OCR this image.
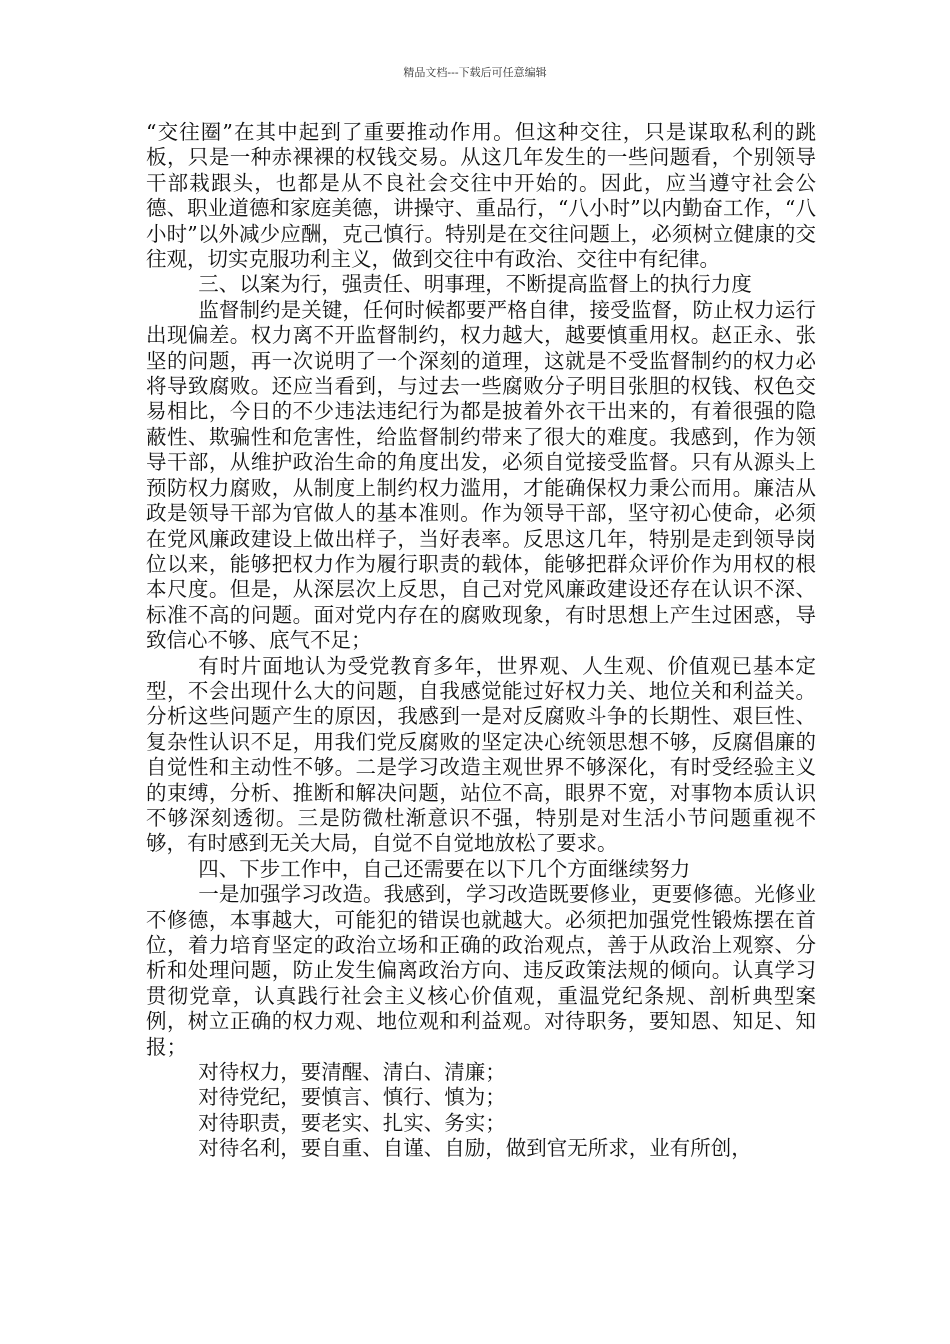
精品文档---下载后可任意编辑

“交往圈”在其中起到了重要推动作用。但这种交往，只是谋取私利的跳板，只是一种赤裸裸的权钱交易。从这几年发生的一些问题看，个别领导干部栽跟头，也都是从不良社会交往中开始的。因此，应当遵守社会公德、职业道德和家庭美德，讲操守、重品行，“八小时”以内勤奋工作，“八小时”以外减少应酬，克己慎行。特别是在交往问题上，必须树立健康的交往观，切实克服功利主义，做到交往中有政治、交往中有纪律。

三、以案为行，强责任、明事理，不断提高监督上的执行力度

监督制约是关键，任何时候都要严格自律，接受监督，防止权力运行出现偏差。权力离不开监督制约，权力越大，越要慎重用权。赵正永、张坚的问题，再一次说明了一个深刻的道理，这就是不受监督制约的权力必将导致腐败。还应当看到，与过去一些腐败分子明目张胆的权钱、权色交易相比，今日的不少违法违纪行为都是披着外衣干出来的，有着很强的隐蔽性、欺骗性和危害性，给监督制约带来了很大的难度。我感到，作为领导干部，从维护政治生命的角度出发，必须自觉接受监督。只有从源头上预防权力腐败，从制度上制约权力滥用，才能确保权力秉公而用。廉洁从政是领导干部为官做人的基本准则。作为领导干部，坚守初心使命，必须在党风廉政建设上做出样子，当好表率。反思这几年，特别是走到领导岗位以来，能够把权力作为履行职责的载体，能够把群众评价作为用权的根本尺度。但是，从深层次上反思，自己对党风廉政建设还存在认识不深、标准不高的问题。面对党内存在的腐败现象，有时思想上产生过困惑，导致信心不够、底气不足；

有时片面地认为受党教育多年，世界观、人生观、价值观已基本定型，不会出现什么大的问题，自我感觉能过好权力关、地位关和利益关。分析这些问题产生的原因，我感到一是对反腐败斗争的长期性、艰巨性、复杂性认识不足，用我们党反腐败的坚定决心统领思想不够，反腐倡廉的自觉性和主动性不够。二是学习改造主观世界不够深化，有时受经验主义的束缚，分析、推断和解决问题，站位不高，眼界不宽，对事物本质认识不够深刻透彻。三是防微杜渐意识不强，特别是对生活小节问题重视不够，有时感到无关大局，自觉不自觉地放松了要求。

四、下步工作中，自己还需要在以下几个方面继续努力

一是加强学习改造。我感到，学习改造既要修业，更要修德。光修业不修德，本事越大，可能犯的错误也就越大。必须把加强党性锻炼摆在首位，着力培育坚定的政治立场和正确的政治观点，善于从政治上观察、分析和处理问题，防止发生偏离政治方向、违反政策法规的倾向。认真学习贯彻党章，认真践行社会主义核心价值观，重温党纪条规、剖析典型案例，树立正确的权力观、地位观和利益观。对待职务，要知恩、知足、知报；

对待权力，要清醒、清白、清廉；

对待党纪，要慎言、慎行、慎为；

对待职责，要老实、扎实、务实；

对待名利，要自重、自谨、自励，做到官无所求，业有所创，
